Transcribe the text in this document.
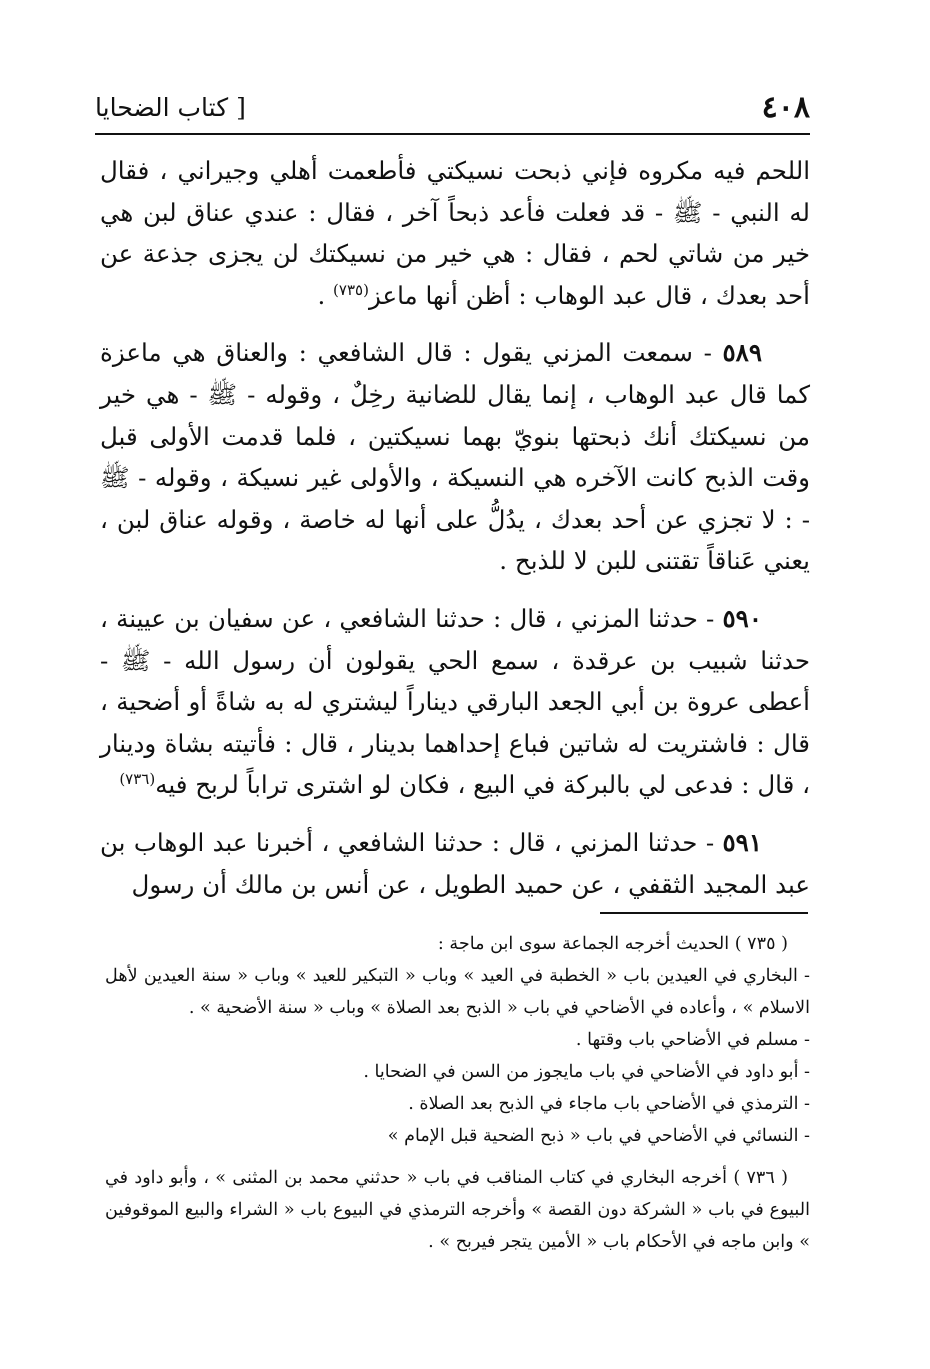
٤٠٨
[ كتاب الضحايا

اللحم فيه مكروه فإني ذبحت نسيكتي فأطعمت أهلي وجيراني ، فقال له النبي - ﷺ - قد فعلت فأعد ذبحاً آخر ، فقال : عندي عناق لبن هي خير من شاتي لحم ، فقال : هي خير من نسيكتك لن يجزى جذعة عن أحد بعدك ، قال عبد الوهاب : أظن أنها ماعز$^{(٧٣٥)}$ .

٥٨٩ - سمعت المزني يقول : قال الشافعي : والعناق هي ماعزة كما قال عبد الوهاب ، إنما يقال للضانية رخِلٌ ، وقوله - ﷺ - هي خير من نسيكتك أنك ذبحتها بنويّ بهما نسيكتين ، فلما قدمت الأولى قبل وقت الذبح كانت الآخره هي النسيكة ، والأولى غير نسيكة ، وقوله - ﷺ - : لا تجزي عن أحد بعدك ، يدُلُّ على أنها له خاصة ، وقوله عناق لبن ، يعني عَناقاً تقتنى للبن لا للذبح .

٥٩٠ - حدثنا المزني ، قال : حدثنا الشافعي ، عن سفيان بن عيينة ، حدثنا شبيب بن عرقدة ، سمع الحي يقولون أن رسول الله - ﷺ - أعطى عروة بن أبي الجعد البارقي ديناراً ليشتري له به شاةً أو أضحية ، قال : فاشتريت له شاتين فباع إحداهما بدينار ، قال : فأتيته بشاة ودينار ، قال : فدعى لي بالبركة في البيع ، فكان لو اشترى تراباً لربح فيه$^{(٧٣٦)}$

٥٩١ - حدثنا المزني ، قال : حدثنا الشافعي ، أخبرنا عبد الوهاب بن عبد المجيد الثقفي ، عن حميد الطويل ، عن أنس بن مالك أن رسول

( ٧٣٥ ) الحديث أخرجه الجماعة سوى ابن ماجة :
- البخاري في العيدين باب « الخطبة في العيد » وباب « التبكير للعيد » وباب « سنة العيدين لأهل الاسلام » ، وأعاده في الأضاحي في باب « الذبح بعد الصلاة » وباب « سنة الأضحية » .
- مسلم في الأضاحي باب وقتها .
- أبو داود في الأضاحي في باب مايجوز من السن في الضحايا .
- الترمذي في الأضاحي باب ماجاء في الذبح بعد الصلاة .
- النسائي في الأضاحي في باب « ذبح الضحية قبل الإمام »
( ٧٣٦ ) أخرجه البخاري في كتاب المناقب في باب « حدثني محمد بن المثنى » ، وأبو داود في البيوع في باب « الشركة دون القصة » وأخرجه الترمذي في البيوع باب « الشراء والبيع الموقوفين » وابن ماجه في الأحكام باب « الأمين يتجر فيربح » .
